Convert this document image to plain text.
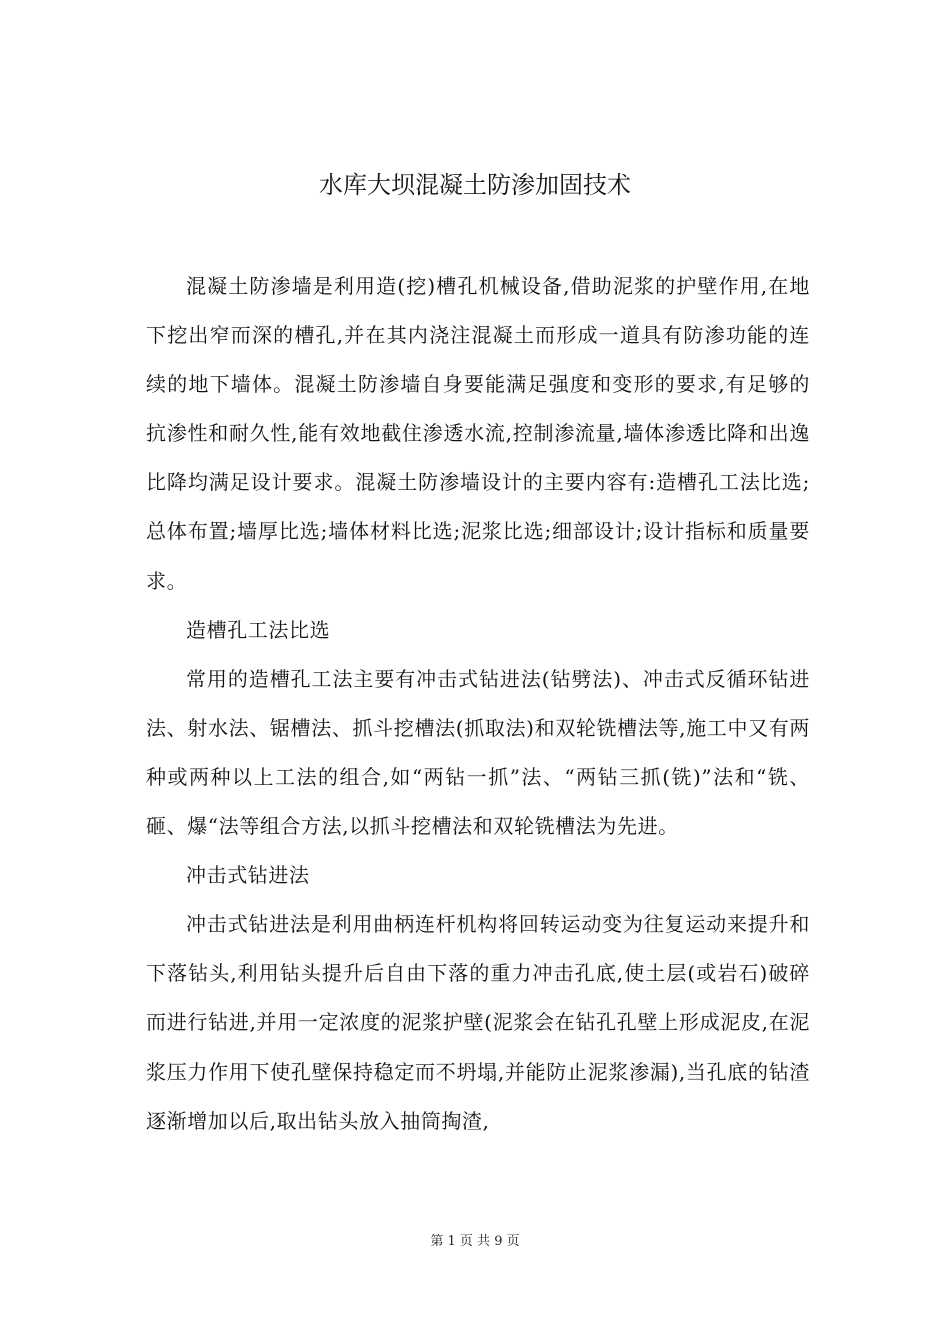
水库大坝混凝土防渗加固技术

混凝土防渗墙是利用造(挖)槽孔机械设备,借助泥浆的护壁作用,在地下挖出窄而深的槽孔,并在其内浇注混凝土而形成一道具有防渗功能的连续的地下墙体。混凝土防渗墙自身要能满足强度和变形的要求,有足够的抗渗性和耐久性,能有效地截住渗透水流,控制渗流量,墙体渗透比降和出逸比降均满足设计要求。混凝土防渗墙设计的主要内容有:造槽孔工法比选;总体布置;墙厚比选;墙体材料比选;泥浆比选;细部设计;设计指标和质量要求。

造槽孔工法比选

常用的造槽孔工法主要有冲击式钻进法(钻劈法)、冲击式反循环钻进法、射水法、锯槽法、抓斗挖槽法(抓取法)和双轮铣槽法等,施工中又有两种或两种以上工法的组合,如“两钻一抓”法、“两钻三抓(铣)”法和“铣、砸、爆“法等组合方法,以抓斗挖槽法和双轮铣槽法为先进。

冲击式钻进法

冲击式钻进法是利用曲柄连杆机构将回转运动变为往复运动来提升和下落钻头,利用钻头提升后自由下落的重力冲击孔底,使土层(或岩石)破碎而进行钻进,并用一定浓度的泥浆护壁(泥浆会在钻孔孔壁上形成泥皮,在泥浆压力作用下使孔壁保持稳定而不坍塌,并能防止泥浆渗漏),当孔底的钻渣逐渐增加以后,取出钻头放入抽筒掏渣,

第 1 页 共 9 页
